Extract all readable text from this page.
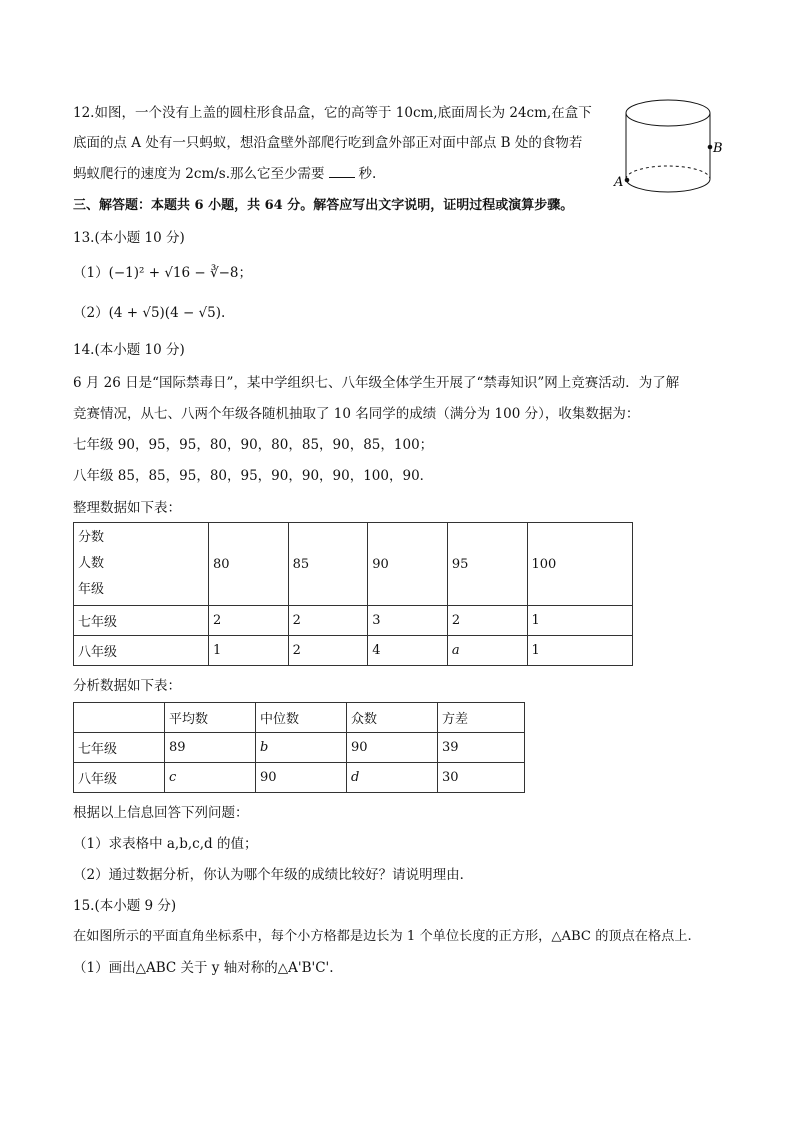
12.如图，一个没有上盖的圆柱形食品盒，它的高等于 10cm,底面周长为 24cm,在盒下
底面的点 A 处有一只蚂蚁，想沿盒壁外部爬行吃到盒外部正对面中部点 B 处的食物若
蚂蚁爬行的速度为 2cm/s.那么它至少需要	秒.
A
B
三、解答题：本题共 6 小题，共 64 分。解答应写出文字说明，证明过程或演算步骤。
13.(本小题 10 分)
（1）(−1)² + √16 − ∛−8；
（2）(4 + √5)(4 − √5).
14.(本小题 10 分)
6 月 26 日是“国际禁毒日”，某中学组织七、八年级全体学生开展了“禁毒知识”网上竞赛活动．为了解
竞赛情况，从七、八两个年级各随机抽取了 10 名同学的成绩（满分为 100 分），收集数据为：
七年级 90，95，95，80，90，80，85，90，85，100；
八年级 85，85，95，80，95，90，90，90，100，90．
整理数据如下表：
分数
人数
年级	80	85	90	95	100
七年级	2	2	3	2	1
八年级	1	2	4	a	1
分析数据如下表：
	平均数	中位数	众数	方差
七年级	89	b	90	39
八年级	c	90	d	30
根据以上信息回答下列问题：
（1）求表格中 a,b,c,d 的值；
（2）通过数据分析，你认为哪个年级的成绩比较好？请说明理由．
15.(本小题 9 分)
在如图所示的平面直角坐标系中，每个小方格都是边长为 1 个单位长度的正方形，△ABC 的顶点在格点上.
（1）画出△ABC 关于 y 轴对称的△A'B'C'.
